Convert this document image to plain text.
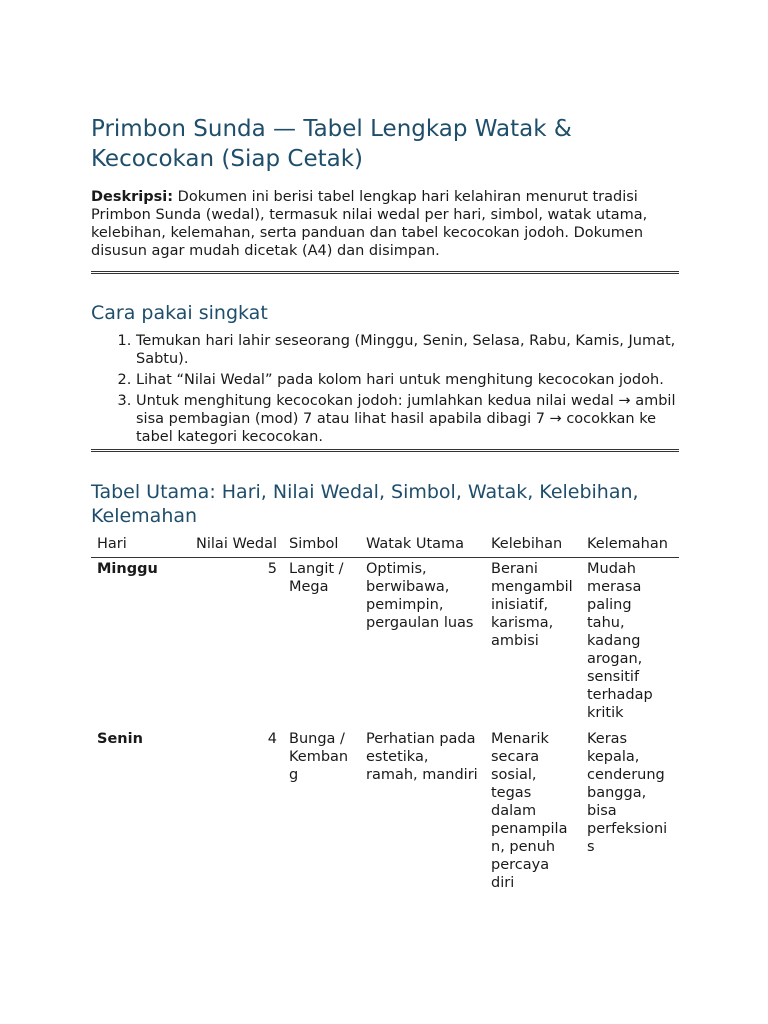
Primbon Sunda — Tabel Lengkap Watak & Kecocokan (Siap Cetak)

Deskripsi: Dokumen ini berisi tabel lengkap hari kelahiran menurut tradisi Primbon Sunda (wedal), termasuk nilai wedal per hari, simbol, watak utama, kelebihan, kelemahan, serta panduan dan tabel kecocokan jodoh. Dokumen disusun agar mudah dicetak (A4) dan disimpan.

Cara pakai singkat
1. Temukan hari lahir seseorang (Minggu, Senin, Selasa, Rabu, Kamis, Jumat, Sabtu).
2. Lihat “Nilai Wedal” pada kolom hari untuk menghitung kecocokan jodoh.
3. Untuk menghitung kecocokan jodoh: jumlahkan kedua nilai wedal → ambil sisa pembagian (mod) 7 atau lihat hasil apabila dibagi 7 → cocokkan ke tabel kategori kecocokan.
Tabel Utama: Hari, Nilai Wedal, Simbol, Watak, Kelebihan, Kelemahan
Hari	Nilai Wedal	Simbol	Watak Utama	Kelebihan	Kelemahan
Minggu	5	Langit / Mega	Optimis, berwibawa, pemimpin, pergaulan luas	Berani mengambil inisiatif, karisma, ambisi	Mudah merasa paling tahu, kadang arogan, sensitif terhadap kritik
Senin	4	Bunga / Kembang	Perhatian pada estetika, ramah, mandiri	Menarik secara sosial, tegas dalam penampilan, penuh percaya diri	Keras kepala, cenderung bangga, bisa perfeksionis
